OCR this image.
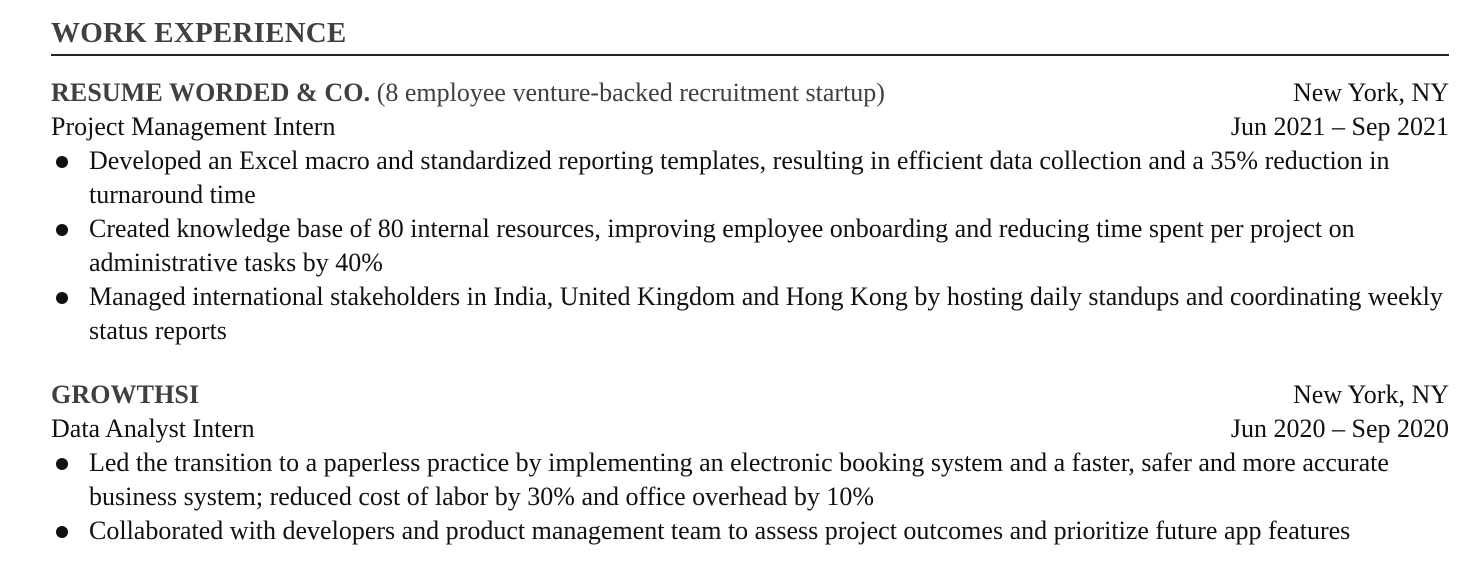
WORK EXPERIENCE
RESUME WORDED & CO. (8 employee venture-backed recruitment startup)	New York, NY
Project Management Intern	Jun 2021 – Sep 2021
Developed an Excel macro and standardized reporting templates, resulting in efficient data collection and a 35% reduction in turnaround time
Created knowledge base of 80 internal resources, improving employee onboarding and reducing time spent per project on administrative tasks by 40%
Managed international stakeholders in India, United Kingdom and Hong Kong by hosting daily standups and coordinating weekly status reports
GROWTHSI	New York, NY
Data Analyst Intern	Jun 2020 – Sep 2020
Led the transition to a paperless practice by implementing an electronic booking system and a faster, safer and more accurate business system; reduced cost of labor by 30% and office overhead by 10%
Collaborated with developers and product management team to assess project outcomes and prioritize future app features
